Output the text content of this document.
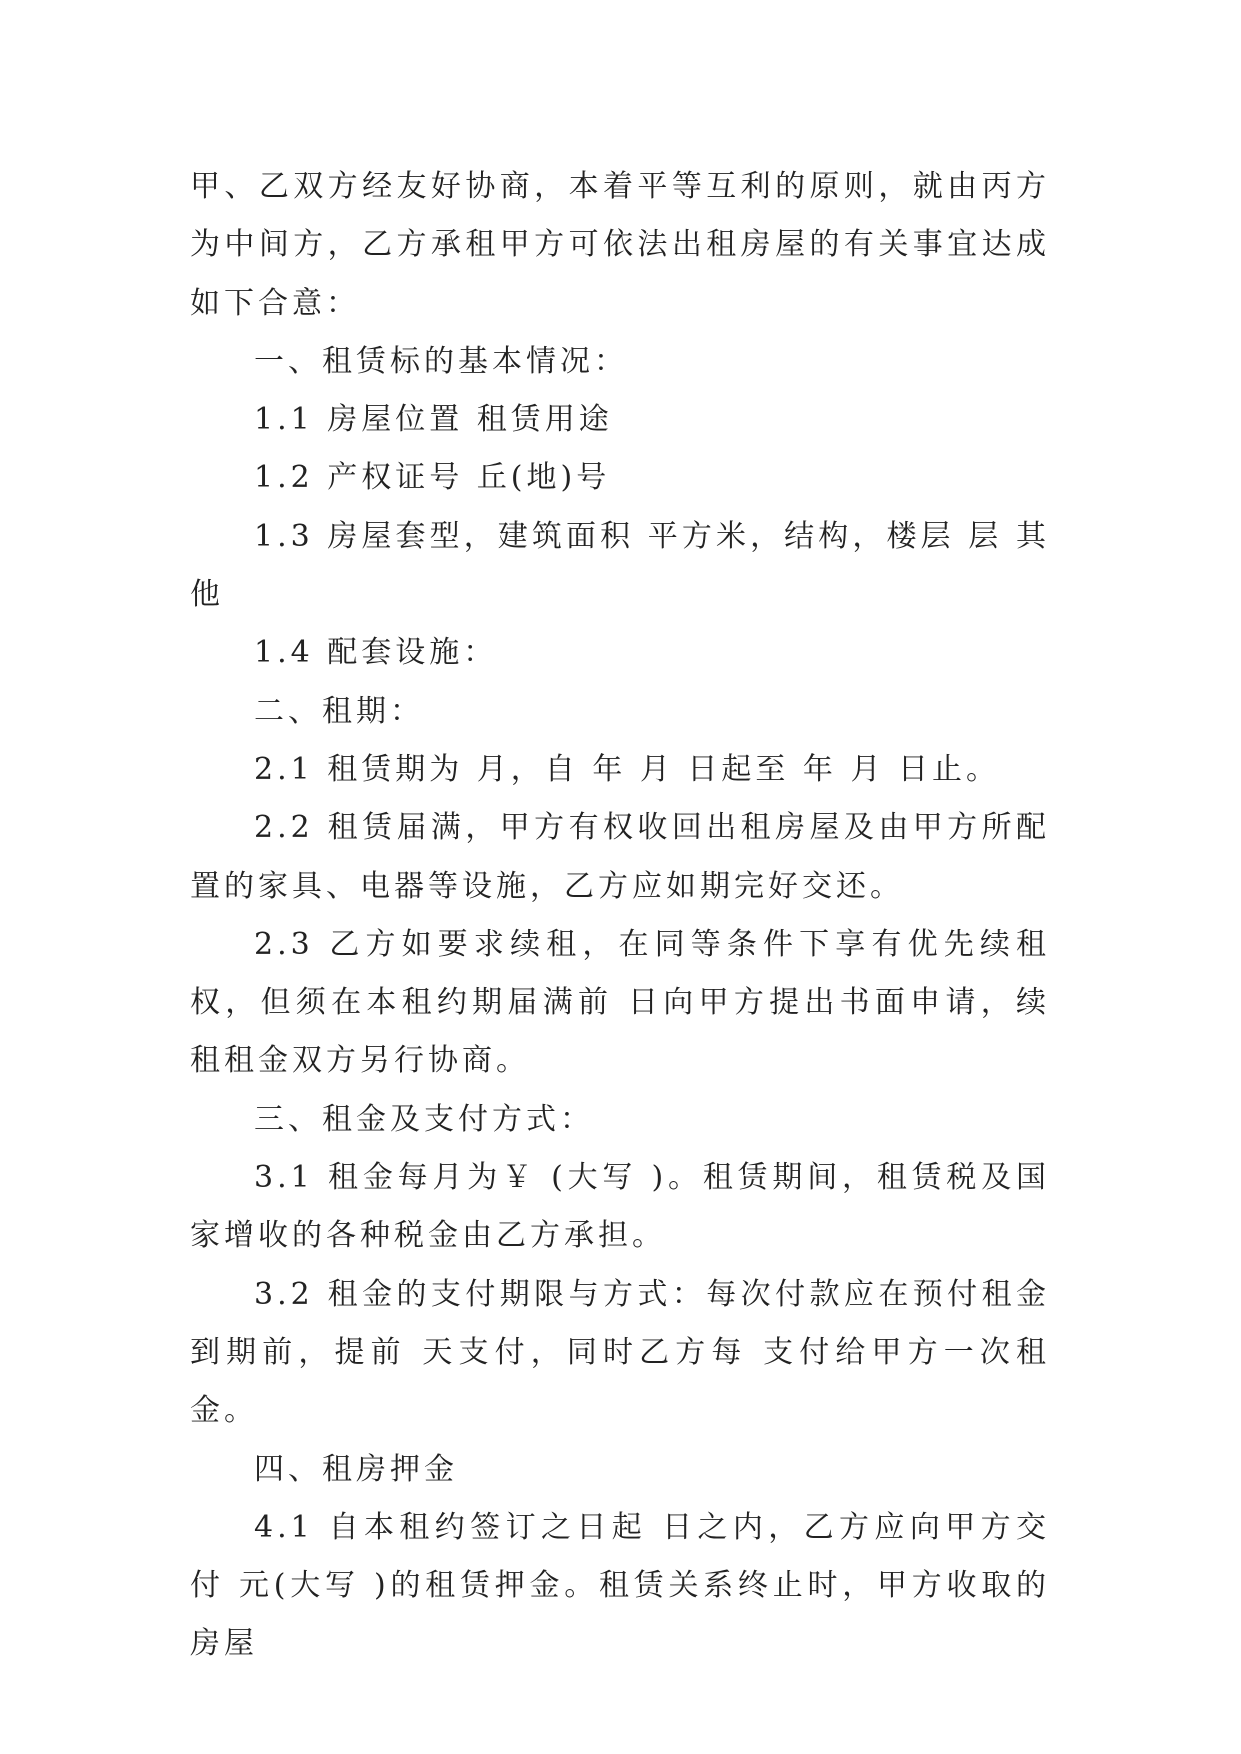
甲、乙双方经友好协商，本着平等互利的原则，就由丙方为中间方，乙方承租甲方可依法出租房屋的有关事宜达成如下合意：

一、租赁标的基本情况：

1.1 房屋位置 租赁用途

1.2 产权证号 丘(地)号

1.3 房屋套型，建筑面积 平方米，结构，楼层 层 其他

1.4 配套设施：

二、租期：

2.1 租赁期为 月，自 年 月 日起至 年 月 日止。

2.2 租赁届满，甲方有权收回出租房屋及由甲方所配置的家具、电器等设施，乙方应如期完好交还。

2.3 乙方如要求续租，在同等条件下享有优先续租权，但须在本租约期届满前 日向甲方提出书面申请，续租租金双方另行协商。

三、租金及支付方式：

3.1 租金每月为￥ (大写 )。租赁期间，租赁税及国家增收的各种税金由乙方承担。

3.2 租金的支付期限与方式：每次付款应在预付租金到期前，提前 天支付，同时乙方每 支付给甲方一次租金。

四、租房押金

4.1 自本租约签订之日起 日之内，乙方应向甲方交付 元(大写 )的租赁押金。租赁关系终止时，甲方收取的房屋
